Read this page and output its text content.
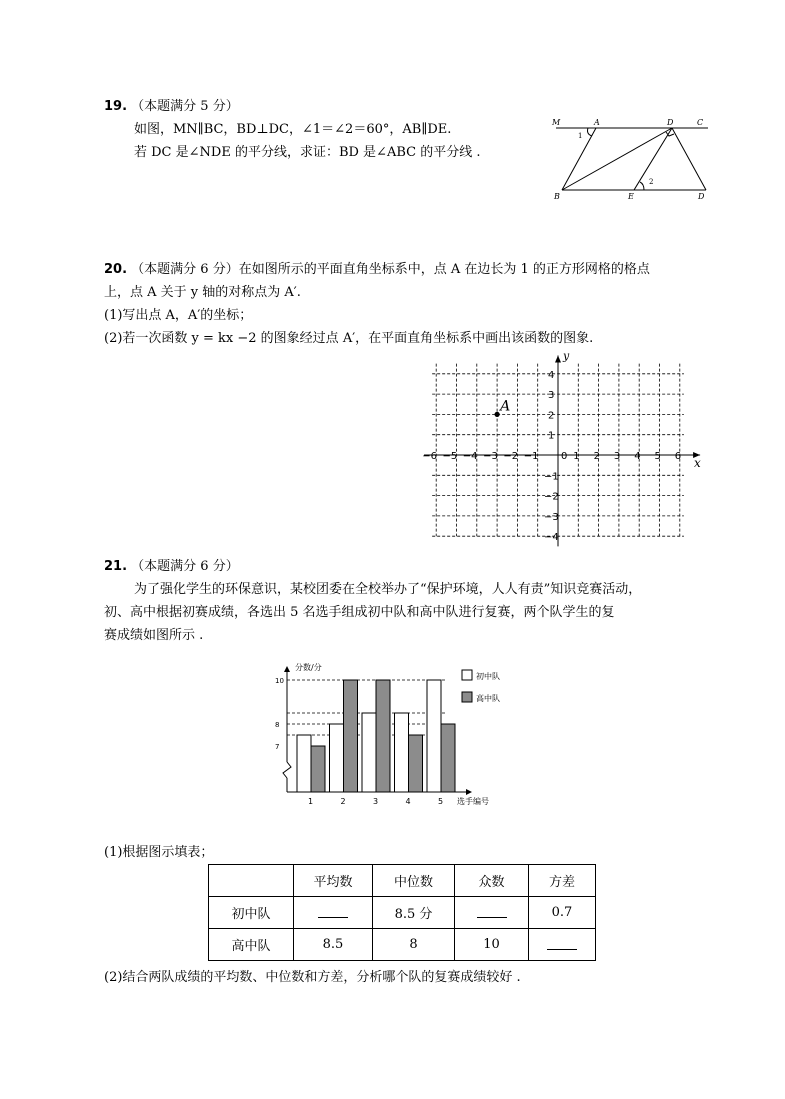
19. （本题满分 5 分）
如图，MN∥BC，BD⊥DC，∠1＝∠2＝60°，AB∥DE.
若 DC 是∠NDE 的平分线，求证：BD 是∠ABC 的平分线 .
M	A	D	C
B	E	D
1
2
20. （本题满分 6 分）在如图所示的平面直角坐标系中，点 A 在边长为 1 的正方形网格的格点
上，点 A 关于 y 轴的对称点为 A′.
(1)写出点 A，A′的坐标；
(2)若一次函数 y = kx −2 的图象经过点 A′，在平面直角坐标系中画出该函数的图象.
−6 −5 −4 −3 −2 −1 0 1 2 3 4 5 6
4
3
2
1
−1
−2
−3
−4
x
y
A
21. （本题满分 6 分）
为了强化学生的环保意识，某校团委在全校举办了“保护环境，人人有责”知识竞赛活动，
初、高中根据初赛成绩，各选出 5 名选手组成初中队和高中队进行复赛，两个队学生的复
赛成绩如图所示 .
分数/分
选手编号
10
8
7
1	2	3	4	5
初中队
高中队
(1)根据图示填表；
	平均数	中位数	众数	方差
初中队		8.5 分		0.7
高中队	8.5	8	10	
(2)结合两队成绩的平均数、中位数和方差，分析哪个队的复赛成绩较好 .
